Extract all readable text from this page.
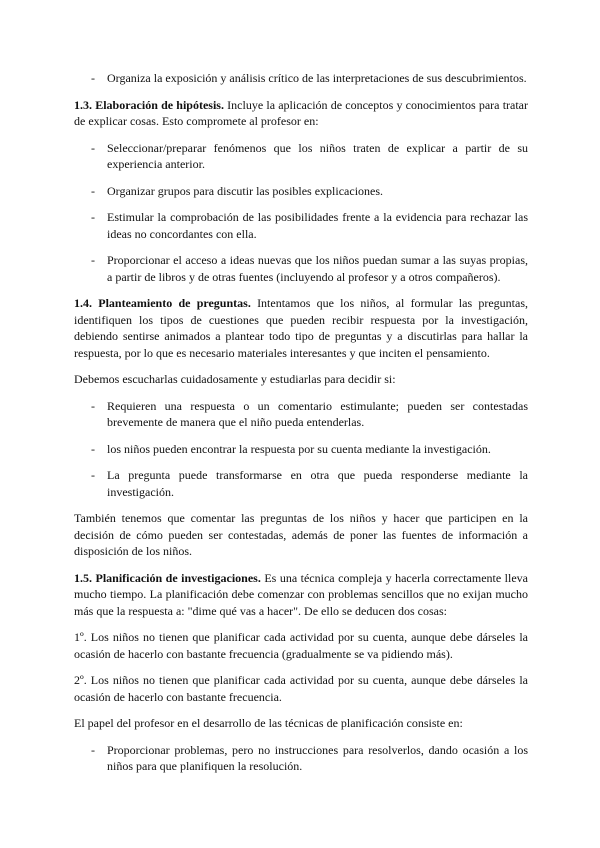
- Organiza la exposición y análisis crítico de las interpretaciones de sus descubrimientos.

1.3. Elaboración de hipótesis. Incluye la aplicación de conceptos y conocimientos para tratar de explicar cosas. Esto compromete al profesor en:

- Seleccionar/preparar fenómenos que los niños traten de explicar a partir de su experiencia anterior.
- Organizar grupos para discutir las posibles explicaciones.
- Estimular la comprobación de las posibilidades frente a la evidencia para rechazar las ideas no concordantes con ella.
- Proporcionar el acceso a ideas nuevas que los niños puedan sumar a las suyas propias, a partir de libros y de otras fuentes (incluyendo al profesor y a otros compañeros).

1.4. Planteamiento de preguntas. Intentamos que los niños, al formular las preguntas, identifiquen los tipos de cuestiones que pueden recibir respuesta por la investigación, debiendo sentirse animados a plantear todo tipo de preguntas y a discutirlas para hallar la respuesta, por lo que es necesario materiales interesantes y que inciten el pensamiento.

Debemos escucharlas cuidadosamente y estudiarlas para decidir si:

- Requieren una respuesta o un comentario estimulante; pueden ser contestadas brevemente de manera que el niño pueda entenderlas.
- los niños pueden encontrar la respuesta por su cuenta mediante la investigación.
- La pregunta puede transformarse en otra que pueda responderse mediante la investigación.

También tenemos que comentar las preguntas de los niños y hacer que participen en la decisión de cómo pueden ser contestadas, además de poner las fuentes de información a disposición de los niños.

1.5. Planificación de investigaciones. Es una técnica compleja y hacerla correctamente lleva mucho tiempo. La planificación debe comenzar con problemas sencillos que no exijan mucho más que la respuesta a: "dime qué vas a hacer". De ello se deducen dos cosas:

1º. Los niños no tienen que planificar cada actividad por su cuenta, aunque debe dárseles la ocasión de hacerlo con bastante frecuencia (gradualmente se va pidiendo más).

2º. Los niños no tienen que planificar cada actividad por su cuenta, aunque debe dárseles la ocasión de hacerlo con bastante frecuencia.

El papel del profesor en el desarrollo de las técnicas de planificación consiste en:

- Proporcionar problemas, pero no instrucciones para resolverlos, dando ocasión a los niños para que planifiquen la resolución.
